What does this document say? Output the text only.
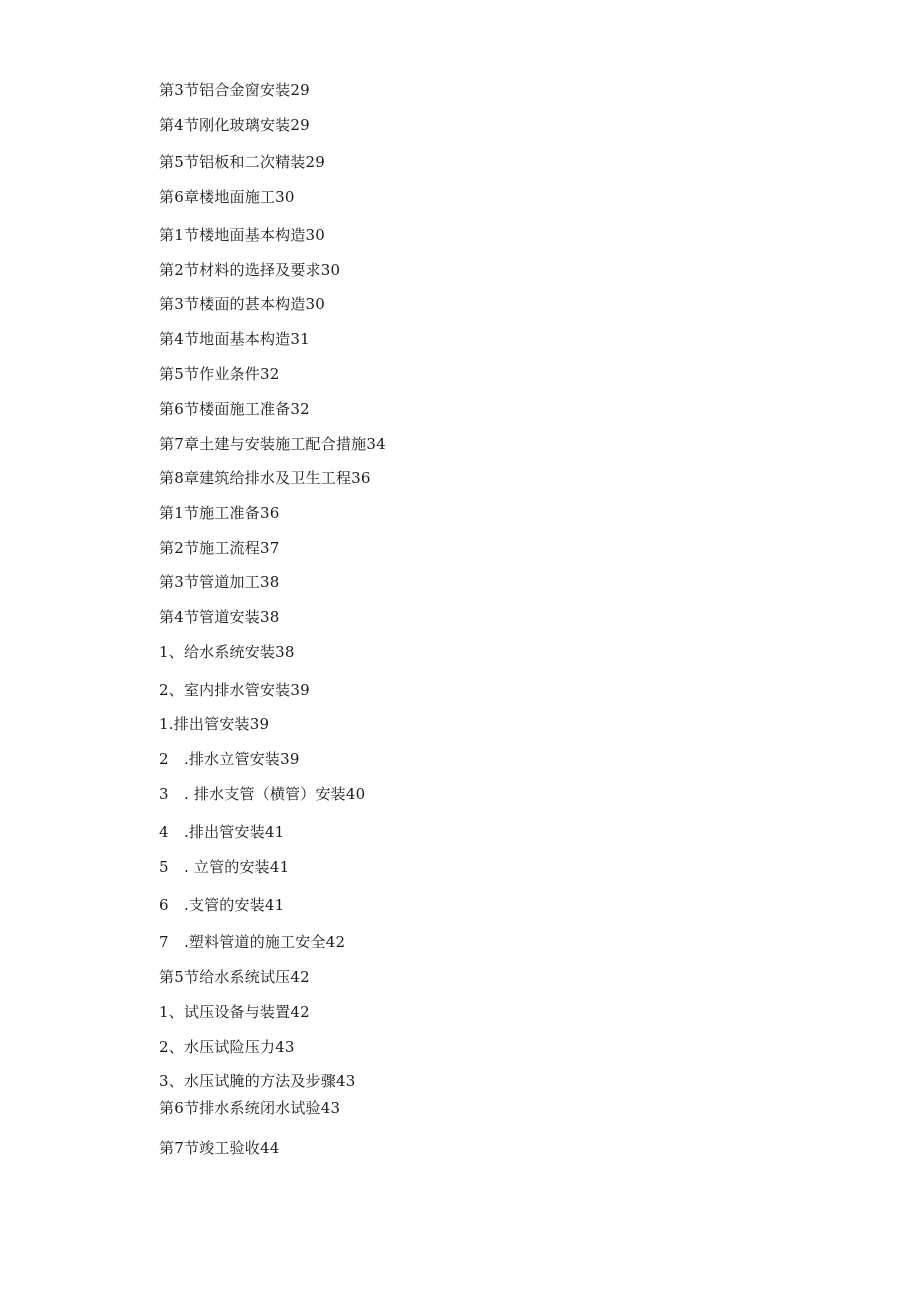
第3节铝合金窗安装29
第4节刚化玻璃安装29
第5节铝板和二次精装29
第6章楼地面施工30
第1节楼地面基本构造30
第2节材料的选择及要求30
第3节楼面的甚本构造30
第4节地面基本构造31
第5节作业条件32
第6节楼面施工准备32
第7章土建与安装施工配合措施34
第8章建筑给排水及卫生工程36
第1节施工准备36
第2节施工流程37
第3节管道加工38
第4节管道安装38
1、给水系统安装38
2、室内排水管安装39
1.排出管安装39
2　.排水立管安装39
3　. 排水支管（横管）安装40
4　.排出管安装41
5　. 立管的安装41
6　.支管的安装41
7　.塑料管道的施工安全42
第5节给水系统试压42
1、试压设备与装置42
2、水压试险压力43
3、水压试腌的方法及步骤43
第6节排水系统闭水试验43
第7节竣工验收44
